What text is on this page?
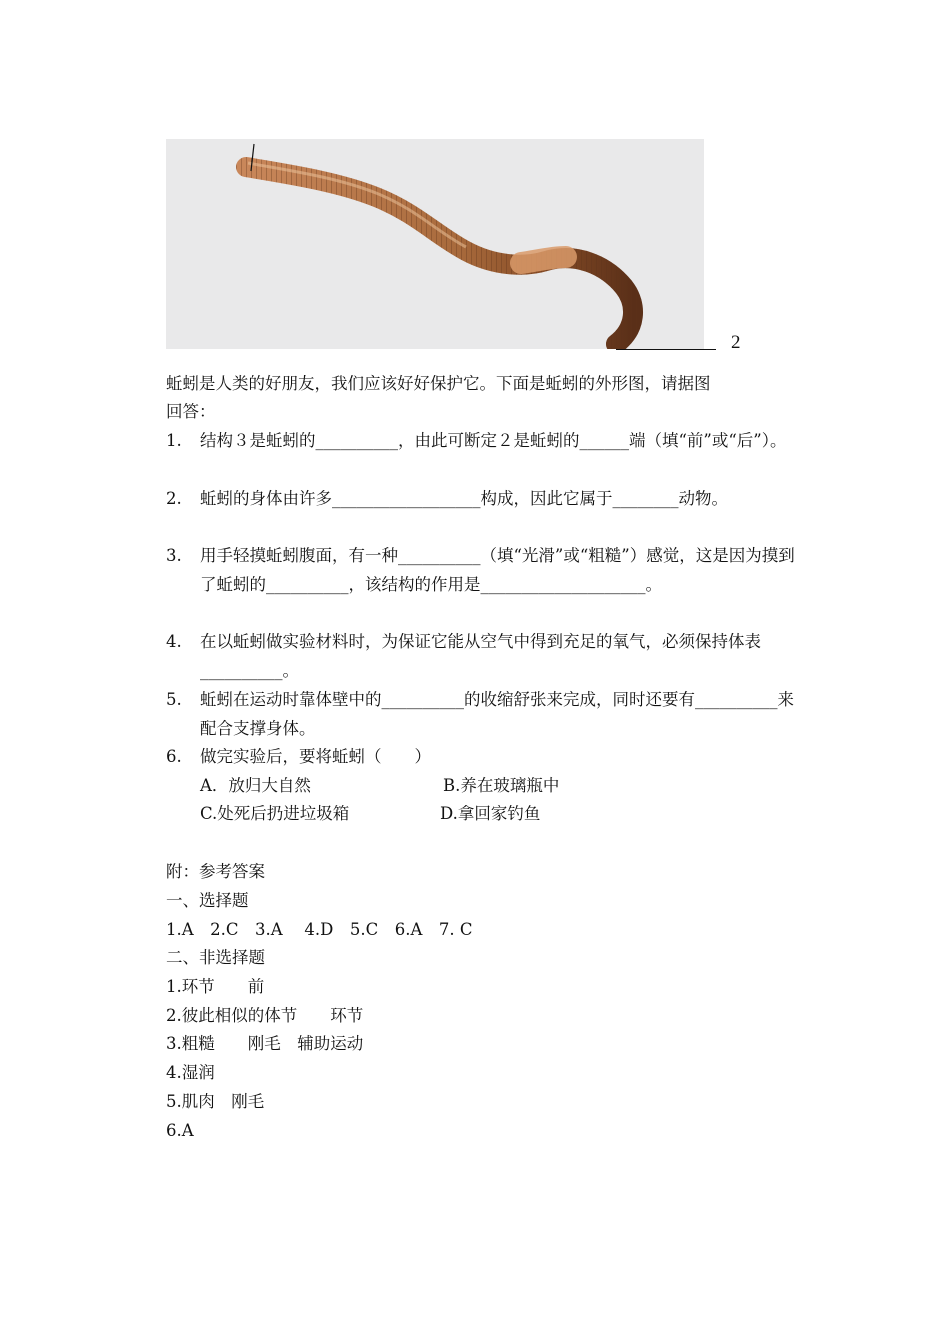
2
蚯蚓是人类的好朋友，我们应该好好保护它。下面是蚯蚓的外形图，请据图
回答：
1. 结构３是蚯蚓的__________，由此可断定２是蚯蚓的______端（填“前”或“后”）。
2. 蚯蚓的身体由许多__________________构成，因此它属于________动物。
3. 用手轻摸蚯蚓腹面，有一种__________（填“光滑”或“粗糙”）感觉，这是因为摸到了蚯蚓的__________，该结构的作用是____________________。
4. 在以蚯蚓做实验材料时，为保证它能从空气中得到充足的氧气，必须保持体表__________。
5. 蚯蚓在运动时靠体壁中的__________的收缩舒张来完成，同时还要有__________来配合支撑身体。
6. 做完实验后，要将蚯蚓（　　）
A．放归大自然	B.养在玻璃瓶中
C.处死后扔进垃圾箱	D.拿回家钓鱼
附：参考答案
一、选择题
1.A　2.C　3.A　 4.D　5.C　6.A　7. C
二、非选择题
1.环节　　前
2.彼此相似的体节　　环节
3.粗糙　　刚毛　辅助运动
4.湿润
5.肌肉　刚毛
6.A
